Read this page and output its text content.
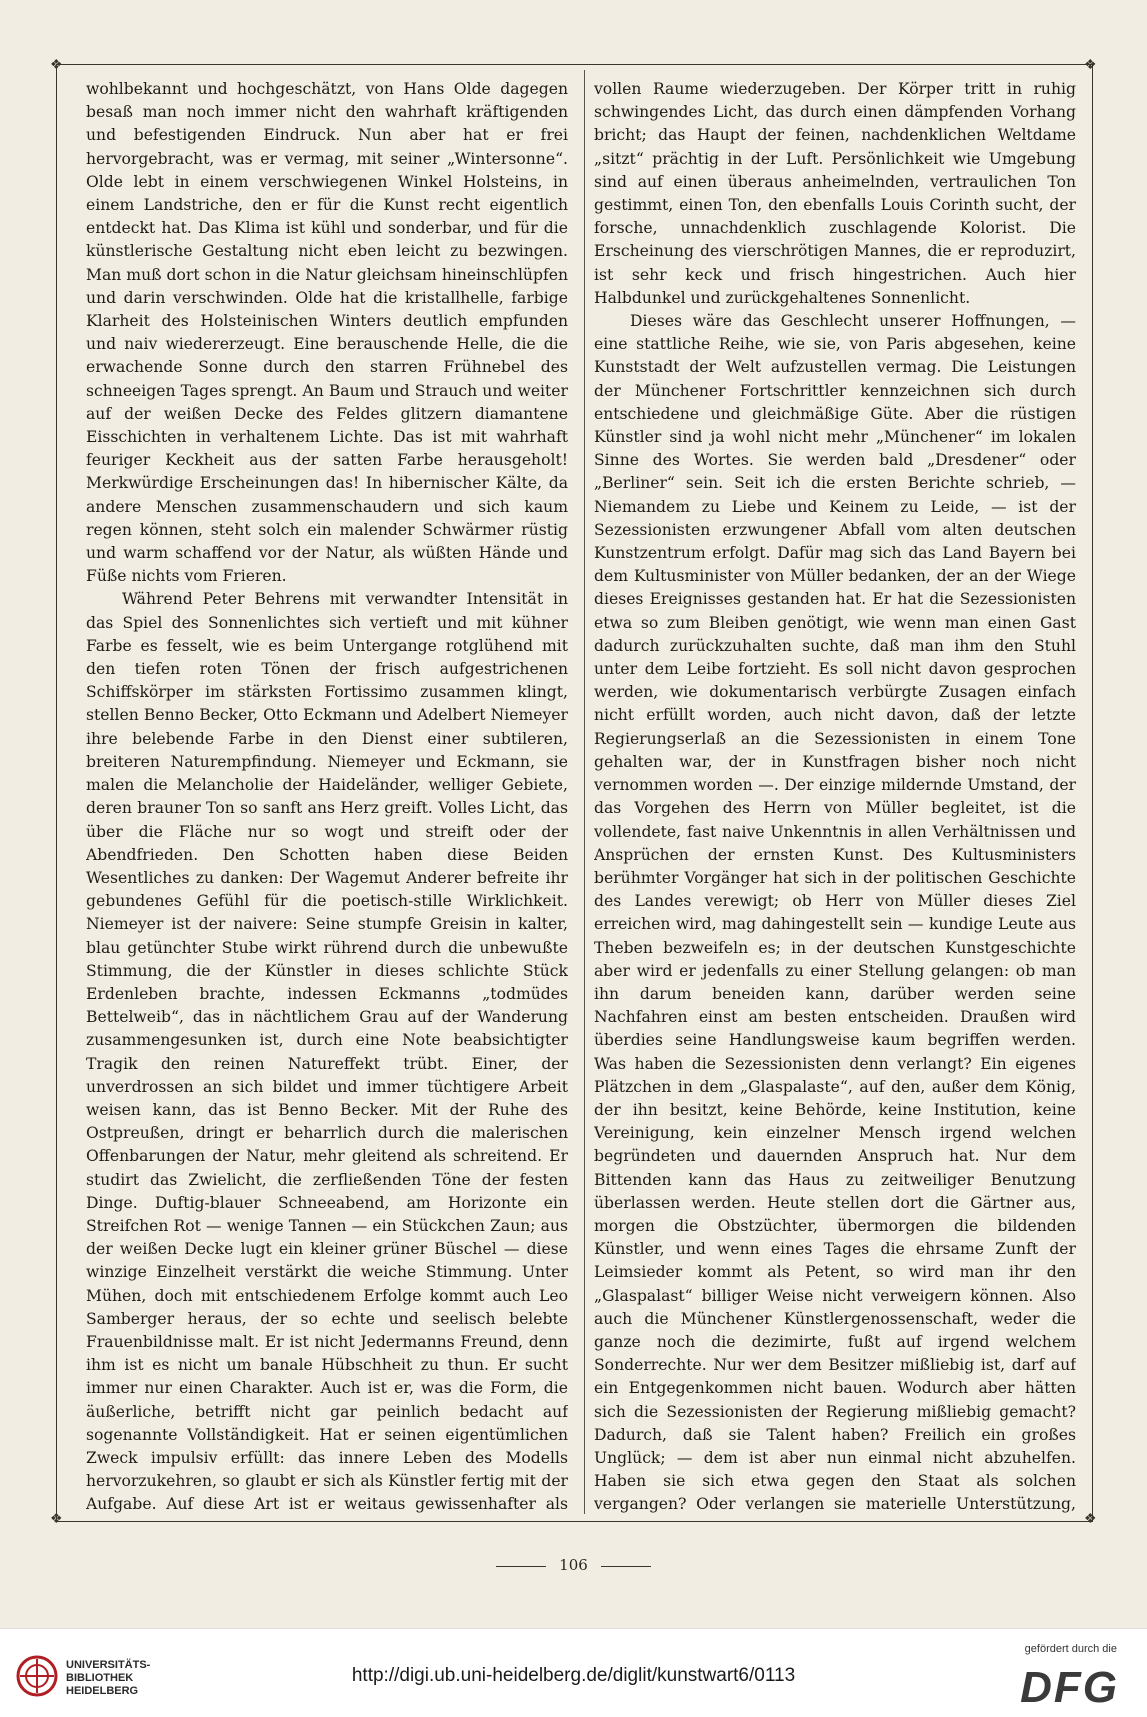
❖	❖
❖	❖

wohlbekannt und hochgeschätzt, von Hans Olde dagegen besaß man noch immer nicht den wahrhaft kräftigenden und befestigenden Eindruck. Nun aber hat er frei hervorgebracht, was er vermag, mit seiner „Wintersonne“. Olde lebt in einem verschwiegenen Winkel Holsteins, in einem Landstriche, den er für die Kunst recht eigentlich entdeckt hat. Das Klima ist kühl und sonderbar, und für die künstlerische Gestaltung nicht eben leicht zu bezwingen. Man muß dort schon in die Natur gleichsam hineinschlüpfen und darin verschwinden. Olde hat die kristallhelle, farbige Klarheit des Holsteinischen Winters deutlich empfunden und naiv wiedererzeugt. Eine berauschende Helle, die die erwachende Sonne durch den starren Frühnebel des schneeigen Tages sprengt. An Baum und Strauch und weiter auf der weißen Decke des Feldes glitzern diamantene Eisschichten in verhaltenem Lichte. Das ist mit wahrhaft feuriger Keckheit aus der satten Farbe herausgeholt! Merkwürdige Erscheinungen das! In hibernischer Kälte, da andere Menschen zusammenschaudern und sich kaum regen können, steht solch ein malender Schwärmer rüstig und warm schaffend vor der Natur, als wüßten Hände und Füße nichts vom Frieren.

Während Peter Behrens mit verwandter Intensität in das Spiel des Sonnenlichtes sich vertieft und mit kühner Farbe es fesselt, wie es beim Untergange rotglühend mit den tiefen roten Tönen der frisch aufgestrichenen Schiffskörper im stärksten Fortissimo zusammen klingt, stellen Benno Becker, Otto Eckmann und Adelbert Niemeyer ihre belebende Farbe in den Dienst einer subtileren, breiteren Naturempfindung. Niemeyer und Eckmann, sie malen die Melancholie der Haideländer, welliger Gebiete, deren brauner Ton so sanft ans Herz greift. Volles Licht, das über die Fläche nur so wogt und streift oder der Abendfrieden. Den Schotten haben diese Beiden Wesentliches zu danken: Der Wagemut Anderer befreite ihr gebundenes Gefühl für die poetisch-stille Wirklichkeit. Niemeyer ist der naivere: Seine stumpfe Greisin in kalter, blau getünchter Stube wirkt rührend durch die unbewußte Stimmung, die der Künstler in dieses schlichte Stück Erdenleben brachte, indessen Eckmanns „todmüdes Bettelweib“, das in nächtlichem Grau auf der Wanderung zusammengesunken ist, durch eine Note beabsichtigter Tragik den reinen Natureffekt trübt. Einer, der unverdrossen an sich bildet und immer tüchtigere Arbeit weisen kann, das ist Benno Becker. Mit der Ruhe des Ostpreußen, dringt er beharrlich durch die malerischen Offenbarungen der Natur, mehr gleitend als schreitend. Er studirt das Zwielicht, die zerfließenden Töne der festen Dinge. Duftig-blauer Schneeabend, am Horizonte ein Streifchen Rot — wenige Tannen — ein Stückchen Zaun; aus der weißen Decke lugt ein kleiner grüner Büschel — diese winzige Einzelheit verstärkt die weiche Stimmung. Unter Mühen, doch mit entschiedenem Erfolge kommt auch Leo Samberger heraus, der so echte und seelisch belebte Frauenbildnisse malt. Er ist nicht Jedermanns Freund, denn ihm ist es nicht um banale Hübschheit zu thun. Er sucht immer nur einen Charakter. Auch ist er, was die Form, die äußerliche, betrifft nicht gar peinlich bedacht auf sogenannte Vollständigkeit. Hat er seinen eigentümlichen Zweck impulsiv erfüllt: das innere Leben des Modells hervorzukehren, so glaubt er sich als Künstler fertig mit der Aufgabe. Auf diese Art ist er weitaus gewissenhafter als

vollen Raume wiederzugeben. Der Körper tritt in ruhig schwingendes Licht, das durch einen dämpfenden Vorhang bricht; das Haupt der feinen, nachdenklichen Weltdame „sitzt“ prächtig in der Luft. Persönlichkeit wie Umgebung sind auf einen überaus anheimelnden, vertraulichen Ton gestimmt, einen Ton, den ebenfalls Louis Corinth sucht, der forsche, unnachdenklich zuschlagende Kolorist. Die Erscheinung des vierschrötigen Mannes, die er reproduzirt, ist sehr keck und frisch hingestrichen. Auch hier Halbdunkel und zurückgehaltenes Sonnenlicht.

Dieses wäre das Geschlecht unserer Hoffnungen, — eine stattliche Reihe, wie sie, von Paris abgesehen, keine Kunststadt der Welt aufzustellen vermag. Die Leistungen der Münchener Fortschrittler kennzeichnen sich durch entschiedene und gleichmäßige Güte. Aber die rüstigen Künstler sind ja wohl nicht mehr „Münchener“ im lokalen Sinne des Wortes. Sie werden bald „Dresdener“ oder „Berliner“ sein. Seit ich die ersten Berichte schrieb, — Niemandem zu Liebe und Keinem zu Leide, — ist der Sezessionisten erzwungener Abfall vom alten deutschen Kunstzentrum erfolgt. Dafür mag sich das Land Bayern bei dem Kultusminister von Müller bedanken, der an der Wiege dieses Ereignisses gestanden hat. Er hat die Sezessionisten etwa so zum Bleiben genötigt, wie wenn man einen Gast dadurch zurückzuhalten suchte, daß man ihm den Stuhl unter dem Leibe fortzieht. Es soll nicht davon gesprochen werden, wie dokumentarisch verbürgte Zusagen einfach nicht erfüllt worden, auch nicht davon, daß der letzte Regierungserlaß an die Sezessionisten in einem Tone gehalten war, der in Kunstfragen bisher noch nicht vernommen worden —. Der einzige mildernde Umstand, der das Vorgehen des Herrn von Müller begleitet, ist die vollendete, fast naive Unkenntnis in allen Verhältnissen und Ansprüchen der ernsten Kunst. Des Kultusministers berühmter Vorgänger hat sich in der politischen Geschichte des Landes verewigt; ob Herr von Müller dieses Ziel erreichen wird, mag dahingestellt sein — kundige Leute aus Theben bezweifeln es; in der deutschen Kunstgeschichte aber wird er jedenfalls zu einer Stellung gelangen: ob man ihn darum beneiden kann, darüber werden seine Nachfahren einst am besten entscheiden. Draußen wird überdies seine Handlungsweise kaum begriffen werden. Was haben die Sezessionisten denn verlangt? Ein eigenes Plätzchen in dem „Glaspalaste“, auf den, außer dem König, der ihn besitzt, keine Behörde, keine Institution, keine Vereinigung, kein einzelner Mensch irgend welchen begründeten und dauernden Anspruch hat. Nur dem Bittenden kann das Haus zu zeitweiliger Benutzung überlassen werden. Heute stellen dort die Gärtner aus, morgen die Obstzüchter, übermorgen die bildenden Künstler, und wenn eines Tages die ehrsame Zunft der Leimsieder kommt als Petent, so wird man ihr den „Glaspalast“ billiger Weise nicht verweigern können. Also auch die Münchener Künstlergenossenschaft, weder die ganze noch die dezimirte, fußt auf irgend welchem Sonderrechte. Nur wer dem Besitzer mißliebig ist, darf auf ein Entgegenkommen nicht bauen. Wodurch aber hätten sich die Sezessionisten der Regierung mißliebig gemacht? Dadurch, daß sie Talent haben? Freilich ein großes Unglück; — dem ist aber nun einmal nicht abzuhelfen. Haben sie sich etwa gegen den Staat als solchen vergangen? Oder verlangen sie materielle Unterstützung,

106
UNIVERSITÄTS-
BIBLIOTHEK
HEIDELBERG
http://digi.ub.uni-heidelberg.de/diglit/kunstwart6/0113
gefördert durch die
DFG
